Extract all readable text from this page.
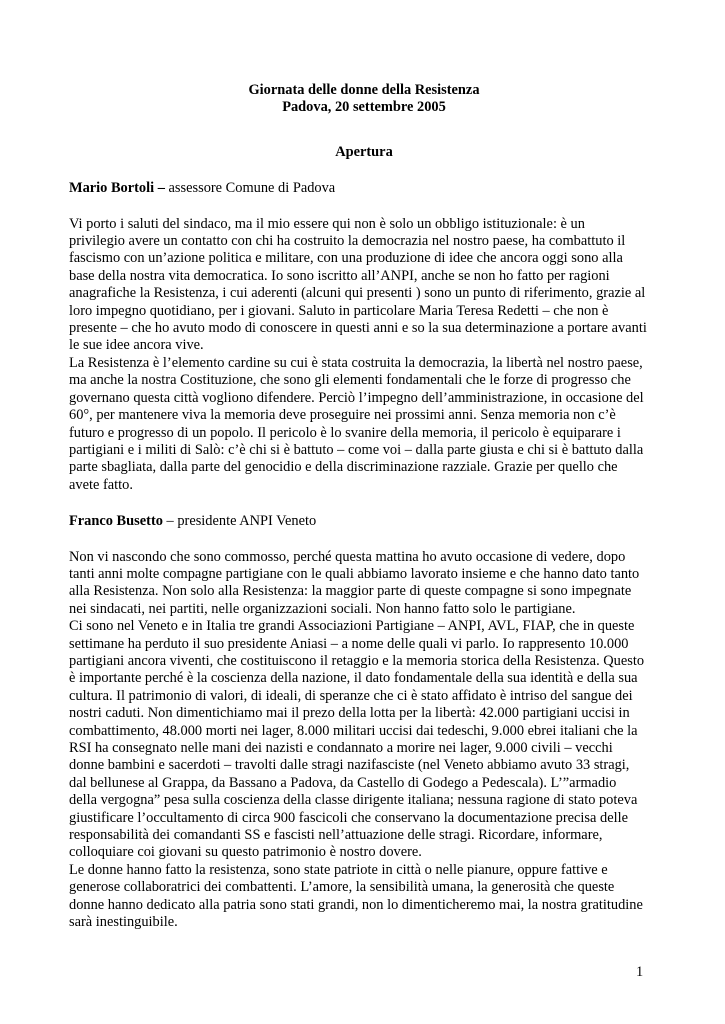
Giornata delle donne della Resistenza
Padova, 20 settembre 2005
Apertura
Mario Bortoli – assessore Comune di Padova

Vi porto i saluti del sindaco, ma il mio essere qui non è solo un obbligo istituzionale: è un
privilegio avere un contatto con chi ha costruito la democrazia nel nostro paese, ha combattuto il
fascismo con un’azione politica e militare, con una produzione di idee che ancora oggi sono alla
base della nostra vita democratica. Io sono iscritto all’ANPI, anche se non ho fatto per ragioni
anagrafiche la Resistenza, i cui aderenti (alcuni qui presenti ) sono un punto di riferimento, grazie al
loro impegno quotidiano, per i giovani. Saluto in particolare Maria Teresa Redetti – che non è
presente – che ho avuto modo di conoscere in questi anni e so la sua determinazione a portare avanti
le sue idee ancora vive.

La Resistenza è l’elemento cardine su cui è stata costruita la democrazia, la libertà nel nostro paese,
ma anche la nostra Costituzione, che sono gli elementi fondamentali che le forze di progresso che
governano questa città vogliono difendere. Perciò l’impegno dell’amministrazione, in occasione del
60°, per mantenere viva la memoria deve proseguire nei prossimi anni. Senza memoria non c’è
futuro e progresso di un popolo. Il pericolo è lo svanire della memoria, il pericolo è equiparare i
partigiani e i militi di Salò: c’è chi si è battuto – come voi – dalla parte giusta e chi si è battuto dalla
parte sbagliata, dalla parte del genocidio e della discriminazione razziale. Grazie per quello che
avete fatto.

Franco Busetto – presidente ANPI Veneto

Non vi nascondo che sono commosso, perché questa mattina ho avuto occasione di vedere, dopo
tanti anni molte compagne partigiane con le quali abbiamo lavorato insieme e che hanno dato tanto
alla Resistenza. Non solo alla Resistenza: la maggior parte di queste compagne si sono impegnate
nei sindacati, nei partiti, nelle organizzazioni sociali. Non hanno fatto solo le partigiane.

Ci sono nel Veneto e in Italia tre grandi Associazioni Partigiane – ANPI, AVL, FIAP, che in queste
settimane ha perduto il suo presidente Aniasi – a nome delle quali vi parlo. Io rappresento 10.000
partigiani ancora viventi, che costituiscono il retaggio e la memoria storica della Resistenza. Questo
è importante perché è la coscienza della nazione, il dato fondamentale della sua identità e della sua
cultura. Il patrimonio di valori, di ideali, di speranze che ci è stato affidato è intriso del sangue dei
nostri caduti. Non dimentichiamo mai il prezo della lotta per la libertà: 42.000 partigiani uccisi in
combattimento, 48.000 morti nei lager, 8.000 militari uccisi dai tedeschi, 9.000 ebrei italiani che la
RSI ha consegnato nelle mani dei nazisti e condannato a morire nei lager, 9.000 civili – vecchi
donne bambini e sacerdoti – travolti dalle stragi nazifasciste (nel Veneto abbiamo avuto 33 stragi,
dal bellunese al Grappa, da Bassano a Padova, da Castello di Godego a Pedescala). L’”armadio
della vergogna” pesa sulla coscienza della classe dirigente italiana; nessuna ragione di stato poteva
giustificare l’occultamento di circa 900 fascicoli che conservano la documentazione precisa delle
responsabilità dei comandanti SS e fascisti nell’attuazione delle stragi. Ricordare, informare,
colloquiare coi giovani su questo patrimonio è nostro dovere.

Le donne hanno fatto la resistenza, sono state patriote in città o nelle pianure, oppure fattive e
generose collaboratrici dei combattenti. L’amore, la sensibilità umana, la generosità che queste
donne hanno dedicato alla patria sono stati grandi, non lo dimenticheremo mai, la nostra gratitudine
sarà inestinguibile.

1
